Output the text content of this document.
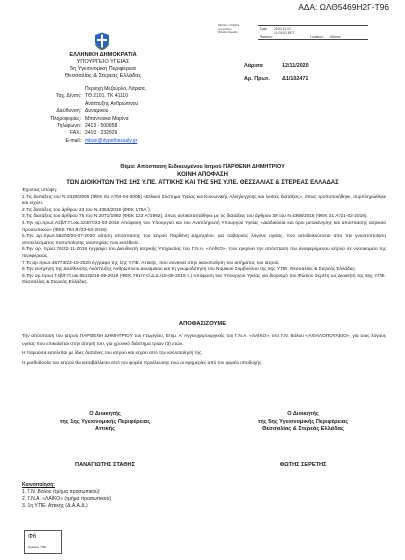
ΑΔΑ: ΩΛΘ5469Η2Γ-Τ96
Ministry of Digital Governance
Hellenic Republic
Date 2020.11.12
11:03:02 EET
Reason:	Location: Athens
ΕΛΛΗΝΙΚΗ ΔΗΜΟΚΡΑΤΙΑ
ΥΠΟΥΡΓΕΙΟ ΥΓΕΙΑΣ
5η Υγειονομική Περιφέρεια
Θεσσαλίας & Στερεάς Ελλάδας
Περιοχή Μεζούρλο, Λάρισα,
Ταχ. Δ/νση: ΤΘ 2101, ΤΚ 41110
Ανάπτυξης Ανθρώπινου
Διεύθυνση: Δυναμικού
Πληροφορίες: Μπαντούκα Μαρίνα
Τηλέφωνο: 2413 - 500858
FAX: 2410 - 232929
E-mail: mban@dypethessaly.gr
Λάρισα	12/11/2020
Αρ. Πρωτ. Δ1/102471
Θέμα: Απόσπαση Ειδικευμένου Ιατρού ΠΑΡΘΕΝΗ ΔΗΜΗΤΡΙΟΥ
ΚΟΙΝΗ ΑΠΟΦΑΣΗ
ΤΩΝ ΔΙΟΙΚΗΤΩΝ ΤΗΣ 1ΗΣ Υ.ΠΕ. ΑΤΤΙΚΗΣ ΚΑΙ ΤΗΣ 5ΗΣ Υ.ΠΕ. ΘΕΣΣΑΛΙΑΣ & ΣΤΕΡΕΑΣ ΕΛΛΑΔΑΣ

Έχοντας υπόψη:

1.Τις διατάξεις του Ν.3329/2005 (ΦΕΚ 81 Α'/04-04-2005) «Εθνικό Σύστημα Υγείας και Κοινωνικής Αλληλεγγύης και λοιπές διατάξεις», όπως τροποποιήθηκε, συμπληρώθηκε και ισχύει.

2.Τις διατάξεις του άρθρου 23 του Ν.4354/2015 (ΦΕΚ 176Α΄).

3.Τις διατάξεις του άρθρου 75 του Ν.2071/1992 (ΦΕΚ 123 Α'/1992), όπως αντικαταστάθηκε με τις διατάξεις του άρθρου 39 του Ν.4368/2016 (ΦΕΚ 21 Α'/21-02-2016).

4.Την αρ.πρωτ.Α2β/Γ.Π.οικ.22407/23-03-2016 Απόφαση του Υπουργού και του Αναπληρωτή Υπουργού Υγείας «Διαδικασία και όροι μετακίνησης και απόσπασης ιατρικού προσωπικού» (ΦΕΚ 794 Β'/23-03-2016).

5.Την αρ.πρωτ.58200/03-07-2020 αίτηση απόσπασης του ιατρού Παρθένη Δημητρίου, για σοβαρούς λόγους υγείας, που αποδεικνύονται από την γνωστοποίηση αποτελέσματος πιστοποίησης αναπηρίας που κατέθεσε.

6.Την αρ. πρωτ.76/22-11-2019 έγγραφο του Διευθυντή Ιατρικής Υπηρεσίας του Γ.Ν.Α. «ΛΑΪΚΟ», που εγκρίνει την απόσπαση του αναφερόμενου ιατρού σε νοσοκομείο της περιφέρειας.

7.Το αρ.πρωτ.46773/23-10-2020 έγγραφο της 1ης Υ.ΠΕ. Αττικής, που συναινεί στην ικανοποίηση του αιτήματος του ιατρού.

8.Την εισήγηση της Διεύθυνσης Ανάπτυξης Ανθρώπινου Δυναμικού και τη γνωμοδότηση του Νομικού Συμβούλου της 5ης Υ.ΠΕ. Θεσσαλίας & Στερεάς Ελλάδας.

9.Την αρ.πρωτ.Γ4β/Γ.Π.οικ.65128/16-09-2019 (ΦΕΚ 751/Υ.Ο.Δ.Δ./18-09-2019 τ.) Απόφαση του Υπουργού Υγείας για διορισμό του Φώτιου Σερέτη ως Διοικητή της 5ης Υ.ΠΕ. Θεσσαλίας & Στερεάς Ελλάδας.

ΑΠΟΦΑΣΙΖΟΥΜΕ

Την απόσπαση του ιατρού ΠΑΡΘΕΝΗ ΔΗΜΗΤΡΙΟΥ του Γεωργίου, Επιμ. Α' Αγγειοχειρουργικής του Γ.Ν.Α. «ΛΑΪΚΟ», στο Γ.Ν. Βόλου «ΑΧΙΛΛΟΠΟΥΛΕΙΟ», για τους λόγους υγείας που επικαλείται στην αίτησή του, για χρονικό διάστημα τριών (3) ετών.

Η παρούσα εκτελείται με ίδιες δαπάνες του ιατρού και ισχύει από την κοινοποίησή της.

Η μισθοδοσία του ιατρού θα καταβάλλεται από τον φορέα προέλευσης ενώ οι εφημερίες από τον φορέα υποδοχής.

Ο Διοικητής
της 1ης Υγειονομικής Περιφέρειας
Αττικής
Ο Διοικητής
της 5ης Υγειονομικής Περιφέρειας
Θεσσαλίας & Στερεάς Ελλάδας
ΠΑΝΑΓΙΩΤΗΣ ΣΤΑΘΗΣ	ΦΩΤΗΣ ΣΕΡΕΤΗΣ
Κοινοποίηση:
1. Γ.Ν. Βόλου (τμήμα προσωπικού)
2. Γ.Ν.Α. «ΛΑΪΚΟ» (τμήμα προσωπικού)
3. 1η Υ.ΠΕ. Αττικής (Δ.Α.Α.Δ.)
Φ6
Κωδικός ΥΠΕ
